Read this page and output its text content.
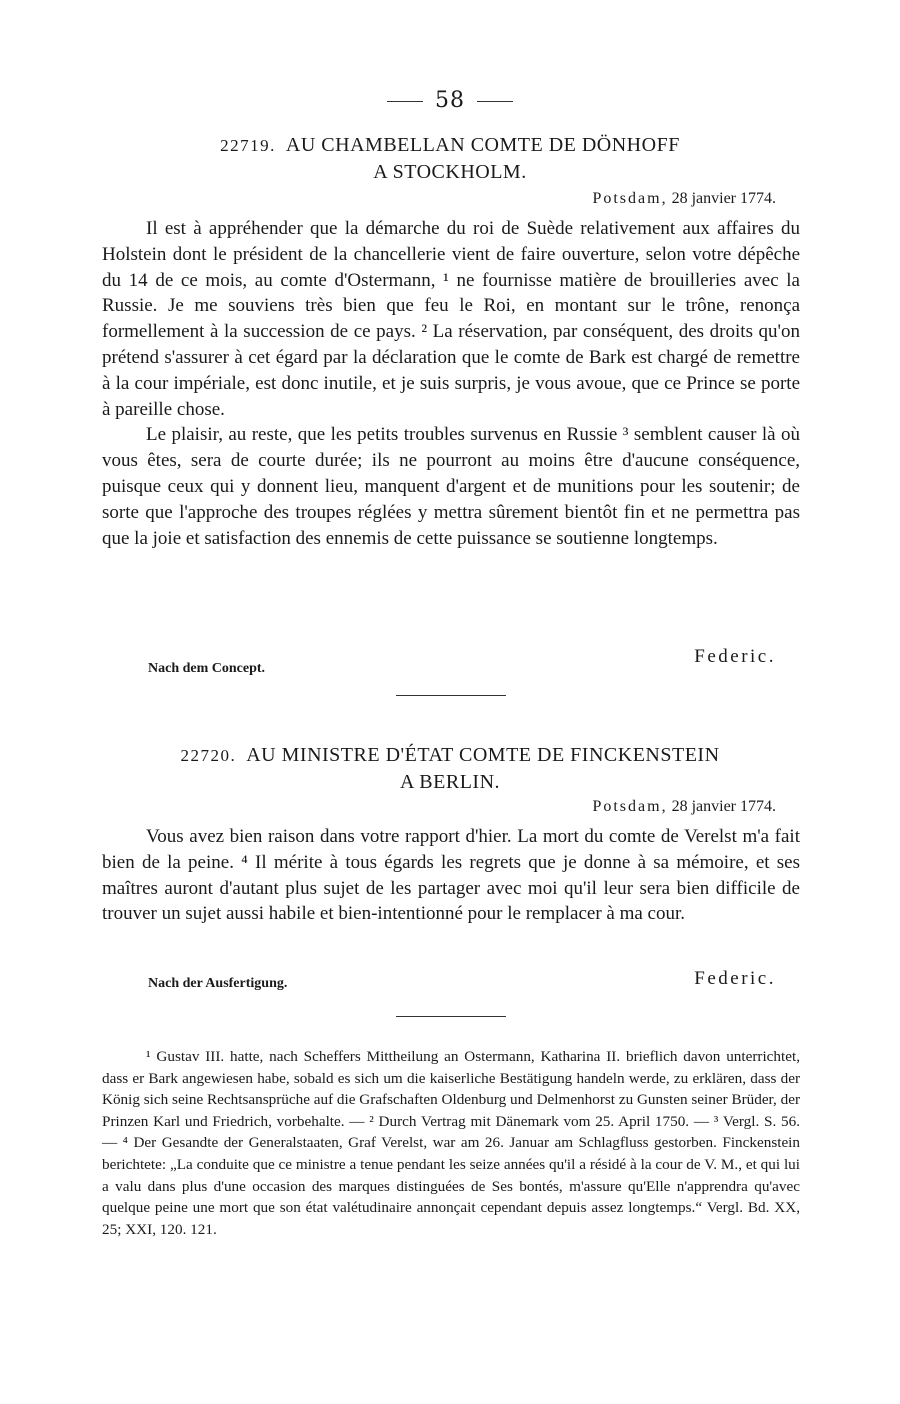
58
22719. AU CHAMBELLAN COMTE DE DÖNHOFF
A STOCKHOLM.
Potsdam, 28 janvier 1774.

Il est à appréhender que la démarche du roi de Suède relativement aux affaires du Holstein dont le président de la chancellerie vient de faire ouverture, selon votre dépêche du 14 de ce mois, au comte d'Ostermann, ¹ ne fournisse matière de brouilleries avec la Russie. Je me souviens très bien que feu le Roi, en montant sur le trône, renonça formellement à la succession de ce pays. ² La réservation, par conséquent, des droits qu'on prétend s'assurer à cet égard par la déclaration que le comte de Bark est chargé de remettre à la cour impériale, est donc inutile, et je suis surpris, je vous avoue, que ce Prince se porte à pareille chose.

Le plaisir, au reste, que les petits troubles survenus en Russie ³ semblent causer là où vous êtes, sera de courte durée; ils ne pourront au moins être d'aucune conséquence, puisque ceux qui y donnent lieu, manquent d'argent et de munitions pour les soutenir; de sorte que l'approche des troupes réglées y mettra sûrement bientôt fin et ne permettra pas que la joie et satisfaction des ennemis de cette puissance se soutienne longtemps.

Federic.
Nach dem Concept.
22720. AU MINISTRE D'ÉTAT COMTE DE FINCKENSTEIN
A BERLIN.
Potsdam, 28 janvier 1774.

Vous avez bien raison dans votre rapport d'hier. La mort du comte de Verelst m'a fait bien de la peine. ⁴ Il mérite à tous égards les regrets que je donne à sa mémoire, et ses maîtres auront d'autant plus sujet de les partager avec moi qu'il leur sera bien difficile de trouver un sujet aussi habile et bien-intentionné pour le remplacer à ma cour.

Federic.
Nach der Ausfertigung.

¹ Gustav III. hatte, nach Scheffers Mittheilung an Ostermann, Katharina II. brieflich davon unterrichtet, dass er Bark angewiesen habe, sobald es sich um die kaiserliche Bestätigung handeln werde, zu erklären, dass der König sich seine Rechtsansprüche auf die Grafschaften Oldenburg und Delmenhorst zu Gunsten seiner Brüder, der Prinzen Karl und Friedrich, vorbehalte. — ² Durch Vertrag mit Dänemark vom 25. April 1750. — ³ Vergl. S. 56. — ⁴ Der Gesandte der Generalstaaten, Graf Verelst, war am 26. Januar am Schlagfluss gestorben. Finckenstein berichtete: „La conduite que ce ministre a tenue pendant les seize années qu'il a résidé à la cour de V. M., et qui lui a valu dans plus d'une occasion des marques distinguées de Ses bontés, m'assure qu'Elle n'apprendra qu'avec quelque peine une mort que son état valétudinaire annonçait cependant depuis assez longtemps.“ Vergl. Bd. XX, 25; XXI, 120. 121.
